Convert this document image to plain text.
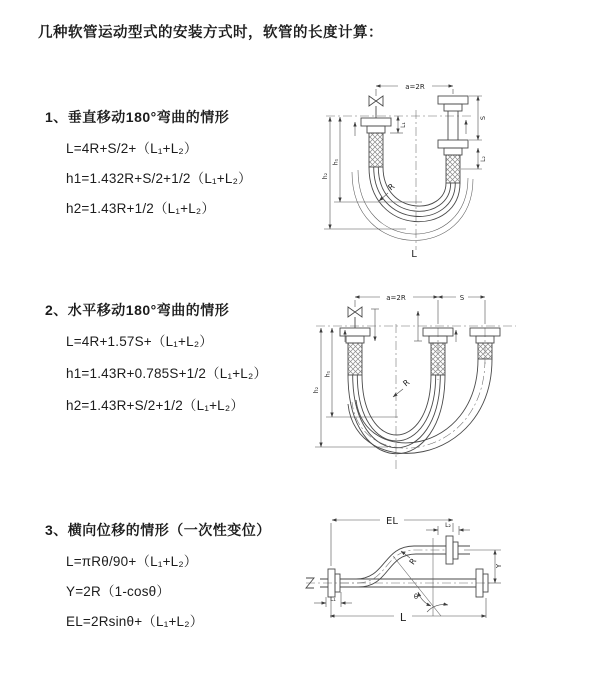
几种软管运动型式的安装方式时，软管的长度计算：
1、垂直移动180°弯曲的情形
L=4R+S/2+（L₁+L₂）
h1=1.432R+S/2+1/2（L₁+L₂）
h2=1.43R+1/2（L₁+L₂）
a=2R
L₁
S
L₂
h₁
h₂
R
L
2、水平移动180°弯曲的情形
L=4R+1.57S+（L₁+L₂）
h1=1.43R+0.785S+1/2（L₁+L₂）
h2=1.43R+S/2+1/2（L₁+L₂）
a=2R	S
h₁
h₂
R
3、横向位移的情形（一次性变位）
L=πRθ/90+（L₁+L₂）
Y=2R（1-cosθ）
EL=2Rsinθ+（L₁+L₂）
EL	L₂
Y
L₁	θ
R
L
